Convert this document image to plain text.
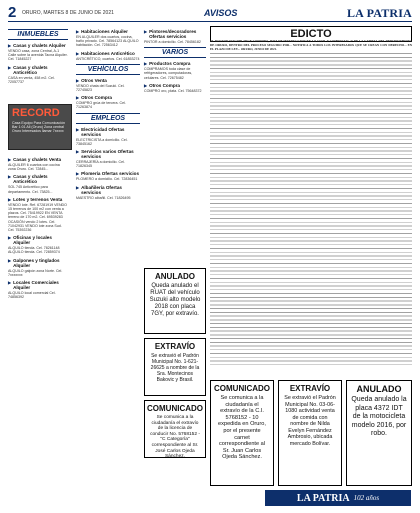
2 ORURO, MARTES 8 DE JUNIO DE 2021	AVISOS	LA PATRIA
INMUEBLES
▶ Casas y chalets Alquiler
VENDO casa, zona Central, A-1 Calle sobre la avenida Tacna Alquiler. Cel. 71845227
▶ Casas y chalets Anticrético
CASA en venta, 458 m2. Cel. 72057737
RECORD
Casa Equipo Para Comunicación Bar 1:01 All (Oruro) Zona central Oruro Interesados llamar 7xxxxx
▶ Casas y chalets Venta
ALQUILER 6 cuartos con cocina zona Oruro. Cel. 72845...
▶ Casas y chalets Anticrético
SOL 745 Anticrético para departamento. Cel. 73825...
▶ Lotes y terrenos Venta
VENDO lote. Ref. 67281919 VENDO 15 terrenos de 100 m2 con venta a plazos. Cel. 75419922 EN VENTA terreno de 170 m2. Cel. 69539283 OCASIÓN vendo 2 lotes. Cel. 71042931 VENDO lote zona Sud. Cel. 75392236
▶ Oficinas y locales Alquiler
ALQUILO tienda. Cel. 78261148 ALQUILO tienda. Cel. 72859374
▶ Galpones y tinglados Alquiler
ALQUILO galpón zona Norte. Cel. 7xxxxxxx
▶ Locales Comerciales Alquiler
ALQUILO local comercial Cel. 74856392
▶ Habitaciones Alquiler
EN ALQUILER dos cuartos, cocina, baño privado. Cel. 78564123 ALQUILO habitación. Cel. 72563412
▶ Habitaciones Anticrético
ANTICRÉTICO, cuartos. Cel. 61853274
VEHÍCULOS
▶ Otros Venta
VENDO chata del Suzuki. Cel. 72745823
▶ Otros Compra
COMPRO grúa de tercera. Cel. 71263874
EMPLEOS
▶ Electricidad Ofertas servicios
ELECTRICISTA a domicilio. Cel. 73845162
▶ Servicios varios Ofertas servicios
CERRAJERÍA a domicilio. Cel. 71826345
▶ Plomería Ofertas servicios
PLOMERO a domicilio. Cel. 72836451
▶ Albañilería Ofertas servicios
MAESTRO albañil. Cel. 71826495
▶ Pintores/decoradores Ofertas servicios
PINTOR a domicilio. Cel. 78456182
VARIOS
▶ Productos Compra
COMPRAMOS toda clase de refrigeradores, computadoras, celulares. Cel. 72675482
▶ Otros Compra
COMPRO oro, plata. Cel. 75648372
ANULADO
Queda anulado el RUAT del vehículo Suzuki alto modelo 2018 con placa 7GY, por extravío.
EXTRAVÍO
Se extravió el Padrón Municipal No. 1-621-26625 a nombre de la Sra. Montecinos Bakovic y Brasil.
COMUNICADO
Se comunica a la ciudadanía el extravío de la licencia de conducir No. 5768152 - "C Categoría" correspondiente al Sr. José Carlos Ojeda Sánchez.
EDICTO
EL DOCTOR WALDIR ARCE CONDORI, JUEZ DE INSTRUCCIÓN EN LO CIVIL Y COMERCIAL 2° DE LA CAPITAL DEL DEPARTAMENTO DE ORURO, DENTRO DEL PROCESO SEGUIDO POR... NOTIFICA A TODOS LOS INTERESADOS QUE SE CREAN CON DERECHO... EN EL PLAZO DE LEY... ORURO, JUNIO DE 2021.
COMUNICADO
Se comunica a la ciudadanía el extravío de la C.I. 5768152 - 10 expedida en Oruro, por el presente carnet correspondiente al Sr. Juan Carlos Ojeda Sánchez.
EXTRAVÍO
Se extravió el Padrón Municipal No. 03-06-1080 actividad venta de comida con nombre de Nilda Evelyn Fernández Ambrosio, ubicada mercado Bolívar.
ANULADO
Queda anulado la placa 4372 IDT de la motocicleta modelo 2016, por robo.
LA PATRIA 102 años
